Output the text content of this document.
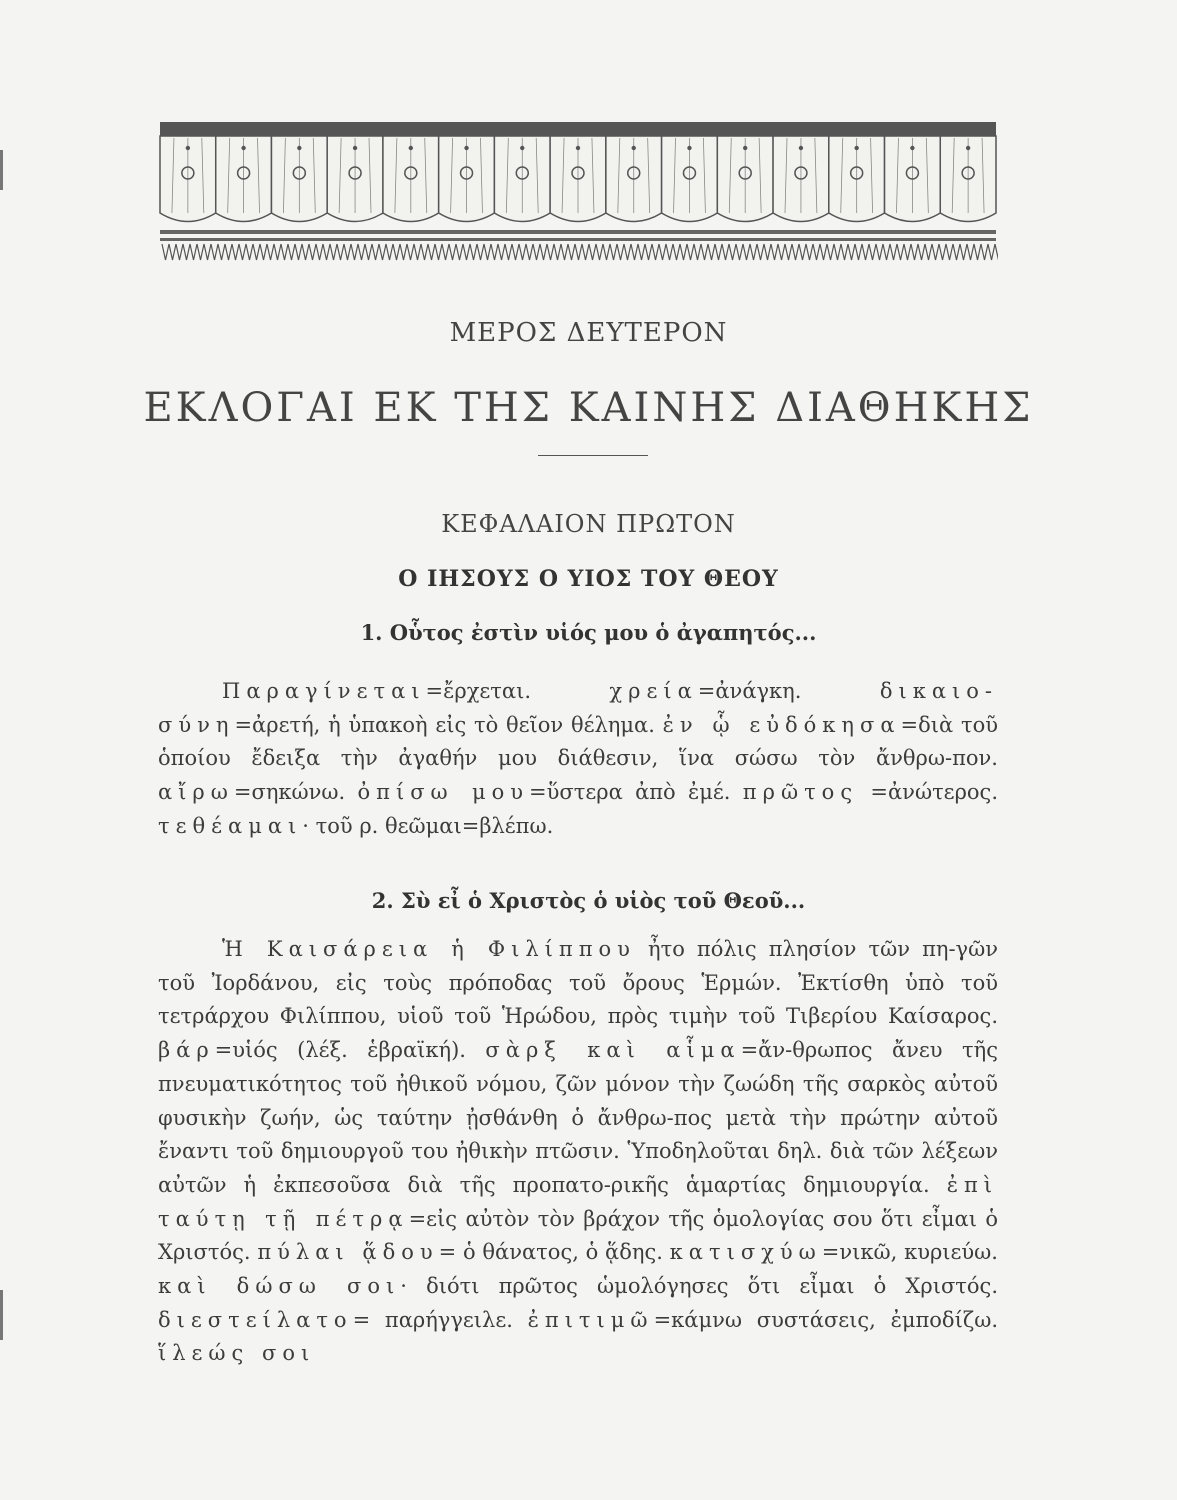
ΜΕΡΟΣ ΔΕΥΤΕΡΟΝ
ΕΚΛΟΓΑΙ ΕΚ ΤΗΣ ΚΑΙΝΗΣ ΔΙΑΘΗΚΗΣ
ΚΕΦΑΛΑΙΟΝ ΠΡΩΤΟΝ
Ο ΙΗΣΟΥΣ Ο ΥΙΟΣ ΤΟΥ ΘΕΟΥ
1. Οὗτος ἐστὶν υἱός μου ὁ ἀγαπητός...

Παραγίνεται=ἔρχεται. χρεία=ἀνάγκη. δικαιο-σύνη=ἀρετή, ἡ ὑπακοὴ εἰς τὸ θεῖον θέλημα. ἐν ᾧ εὐδόκησα=διὰ τοῦ ὁποίου ἔδειξα τὴν ἀγαθήν μου διάθεσιν, ἵνα σώσω τὸν ἄνθρω-πον. αἴρω=σηκώνω. ὀπίσω μου=ὕστερα ἀπὸ ἐμέ. πρῶτος =ἀνώτερος. τεθέαμαι· τοῦ ρ. θεῶμαι=βλέπω.

2. Σὺ εἶ ὁ Χριστὸς ὁ υἱὸς τοῦ Θεοῦ...

Ἡ Καισάρεια ἡ Φιλίππου ἦτο πόλις πλησίον τῶν πη-γῶν τοῦ Ἰορδάνου, εἰς τοὺς πρόποδας τοῦ ὄρους Ἑρμών. Ἐκτίσθη ὑπὸ τοῦ τετράρχου Φιλίππου, υἱοῦ τοῦ Ἡρώδου, πρὸς τιμὴν τοῦ Τιβερίου Καίσαρος. βάρ=υἱός (λέξ. ἑβραϊκή). σὰρξ καὶ αἷμα=ἄν-θρωπος ἄνευ τῆς πνευματικότητος τοῦ ἠθικοῦ νόμου, ζῶν μόνον τὴν ζωώδη τῆς σαρκὸς αὐτοῦ φυσικὴν ζωήν, ὡς ταύτην ᾐσθάνθη ὁ ἄνθρω-πος μετὰ τὴν πρώτην αὐτοῦ ἔναντι τοῦ δημιουργοῦ του ἠθικὴν πτῶσιν. Ὑποδηλοῦται δηλ. διὰ τῶν λέξεων αὐτῶν ἡ ἐκπεσοῦσα διὰ τῆς προπατο-ρικῆς ἁμαρτίας δημιουργία. ἐπὶ ταύτῃ τῇ πέτρᾳ=εἰς αὐτὸν τὸν βράχον τῆς ὁμολογίας σου ὅτι εἶμαι ὁ Χριστός. πύλαι ᾅδου= ὁ θάνατος, ὁ ᾅδης. κατισχύω=νικῶ, κυριεύω. καὶ δώσω σοι· διότι πρῶτος ὡμολόγησες ὅτι εἶμαι ὁ Χριστός. διεστείλατο= παρήγγειλε. ἐπιτιμῶ=κάμνω συστάσεις, ἐμποδίζω. ἵλεώς σοι
